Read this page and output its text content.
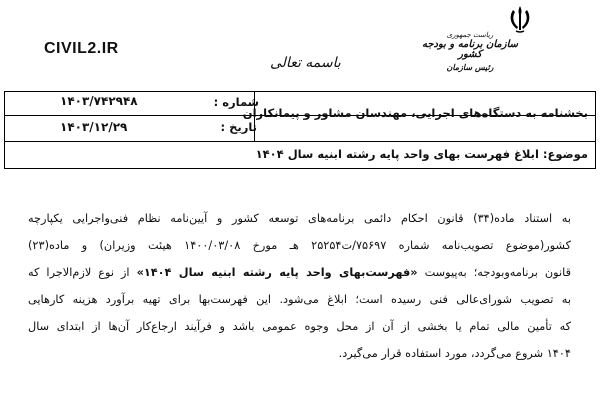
ریاست جمهوری
سازمان برنامه و بودجه کشور
رئیس سازمان
باسمه تعالی
CIVIL2.IR
شماره :
۱۴۰۳/۷۴۲۹۴۸
تاریخ :
۱۴۰۳/۱۲/۲۹
بخشنامه به دستگاه‌های اجرایی، مهندسان مشاور و پیمانکاران
موضوع: ابلاغ فهرست بهای واحد پایه رشته ابنیه سال ۱۴۰۴
به استناد ماده(۳۴) قانون احکام دائمی برنامه‌های توسعه کشور و آیین‌نامه نظام فنی‌واجرایی یکپارچه
کشور(موضوع تصویب‌نامه شماره ۷۵۶۹۷/ت۲۵۲۵۴ هـ مورخ ۱۴۰۰/۰۳/۰۸ هیئت وزیران) و ماده(۲۳)
قانون برنامه‌وبودجه؛ به‌پیوست «فهرست‌بهای واحد پایه رشته ابنیه سال ۱۴۰۴» از نوع لازم‌الاجرا که
به تصویب شورای‌عالی فنی رسیده است؛ ابلاغ می‌شود. این فهرست‌بها برای تهیه برآورد هزینه کارهایی
که تأمین مالی تمام یا بخشی از آن از محل وجوه عمومی باشد و فرآیند ارجاع‌کار آن‌ها از ابتدای سال
۱۴۰۴ شروع می‌گردد، مورد استفاده قرار می‌گیرد.
